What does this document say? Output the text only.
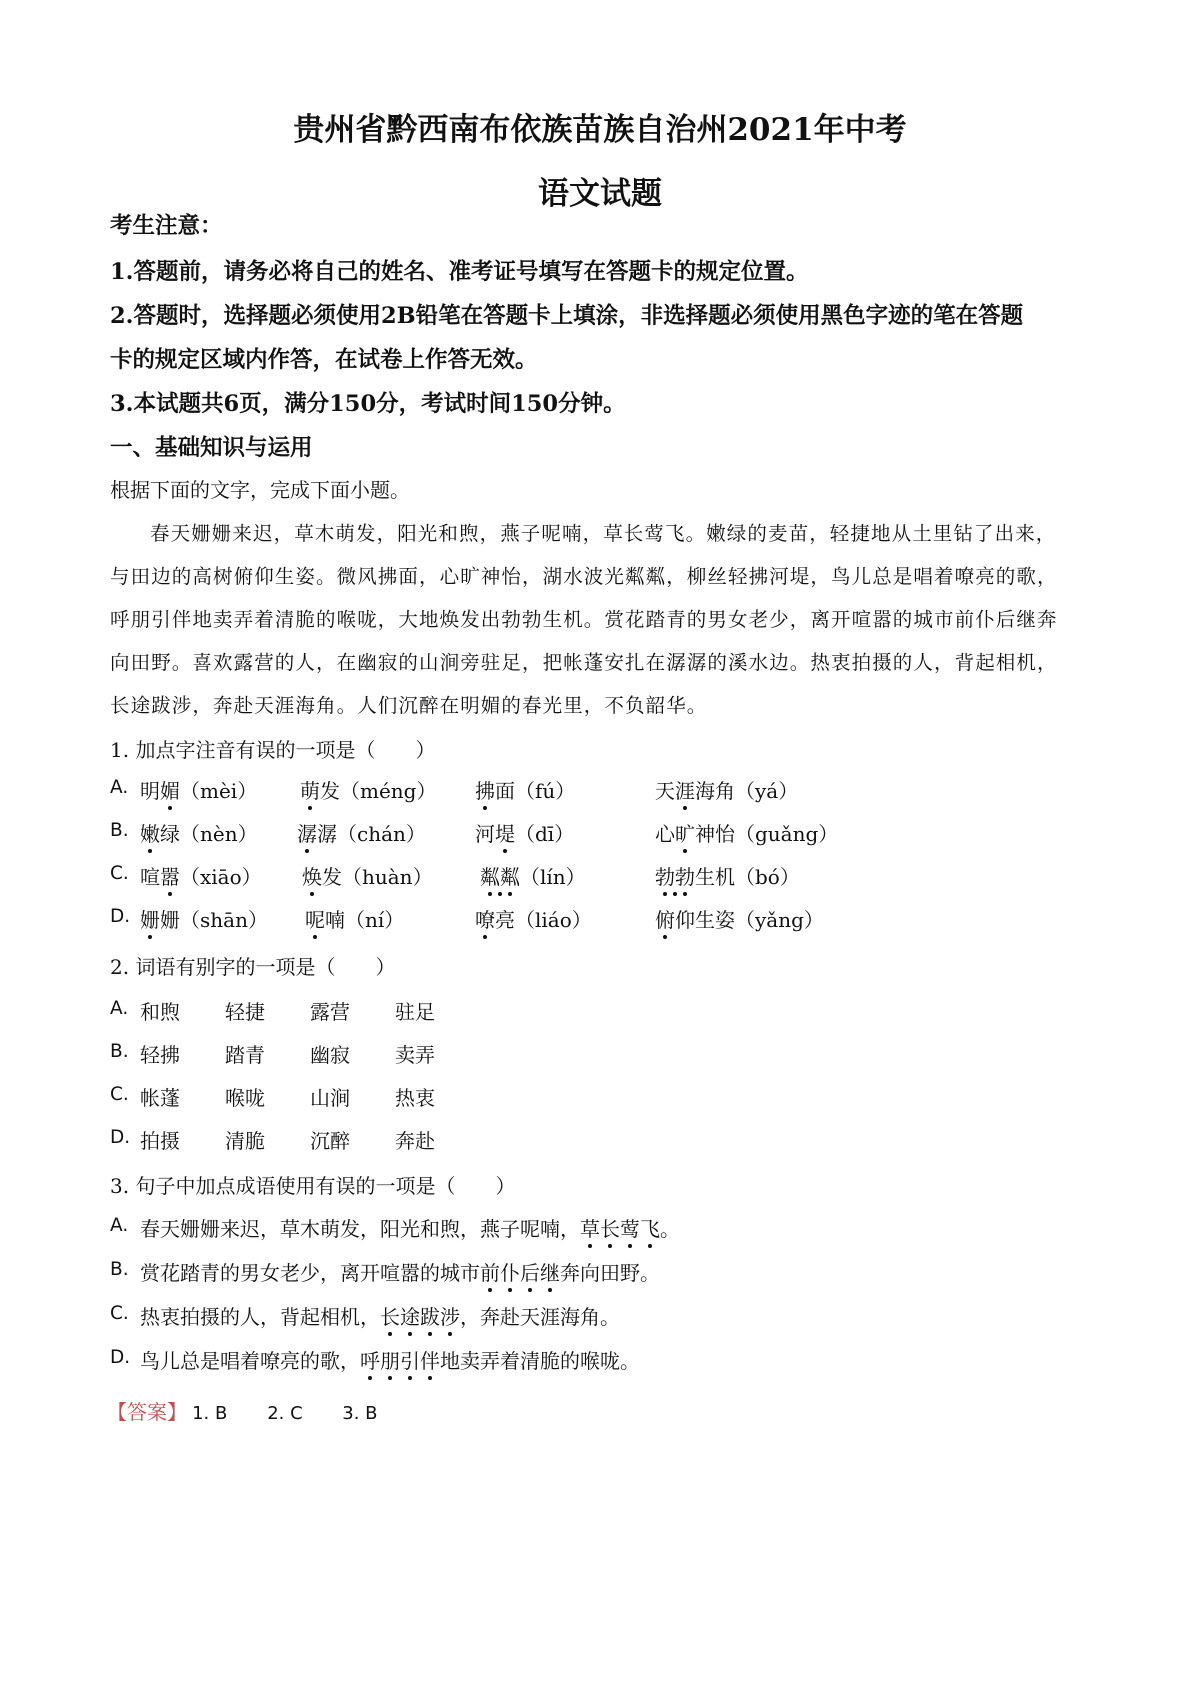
贵州省黔西南布依族苗族自治州2021年中考
语文试题
考生注意：
1.答题前，请务必将自己的姓名、准考证号填写在答题卡的规定位置。
2.答题时，选择题必须使用2B铅笔在答题卡上填涂，非选择题必须使用黑色字迹的笔在答题
卡的规定区域内作答，在试卷上作答无效。
3.本试题共6页，满分150分，考试时间150分钟。
一、基础知识与运用
根据下面的文字，完成下面小题。
春天姗姗来迟，草木萌发，阳光和煦，燕子呢喃，草长莺飞。嫩绿的麦苗，轻捷地从土里钻了出来，
与田边的高树俯仰生姿。微风拂面，心旷神怡，湖水波光粼粼，柳丝轻拂河堤，鸟儿总是唱着嘹亮的歌，
呼朋引伴地卖弄着清脆的喉咙，大地焕发出勃勃生机。赏花踏青的男女老少，离开喧嚣的城市前仆后继奔
向田野。喜欢露营的人，在幽寂的山涧旁驻足，把帐蓬安扎在潺潺的溪水边。热衷拍摄的人，背起相机，
长途跋涉，奔赴天涯海角。人们沉醉在明媚的春光里，不负韶华。
1. 加点字注音有误的一项是（　　）
A. 明媚（mèi） 萌发（méng） 拂面（fú）	天涯海角（yá）
B. 嫩绿（nèn） 潺潺（chán） 河堤（dī）	心旷神怡（guǎng）
C. 喧嚣（xiāo） 焕发（huàn） 粼粼（lín）	勃勃生机（bó）
D. 姗姗（shān） 呢喃（ní）	嘹亮（liáo）	俯仰生姿（yǎng）
2. 词语有别字的一项是（　　）
A. 和煦 轻捷 露营 驻足
B. 轻拂 踏青 幽寂 卖弄
C. 帐蓬 喉咙 山涧 热衷
D. 拍摄 清脆 沉醉 奔赴
3. 句子中加点成语使用有误的一项是（　　）
A. 春天姗姗来迟，草木萌发，阳光和煦，燕子呢喃，草长莺飞。
B. 赏花踏青的男女老少，离开喧嚣的城市前仆后继奔向田野。
C. 热衷拍摄的人，背起相机，长途跋涉，奔赴天涯海角。
D. 鸟儿总是唱着嘹亮的歌，呼朋引伴地卖弄着清脆的喉咙。
【答案】 1. B 2. C 3. B
